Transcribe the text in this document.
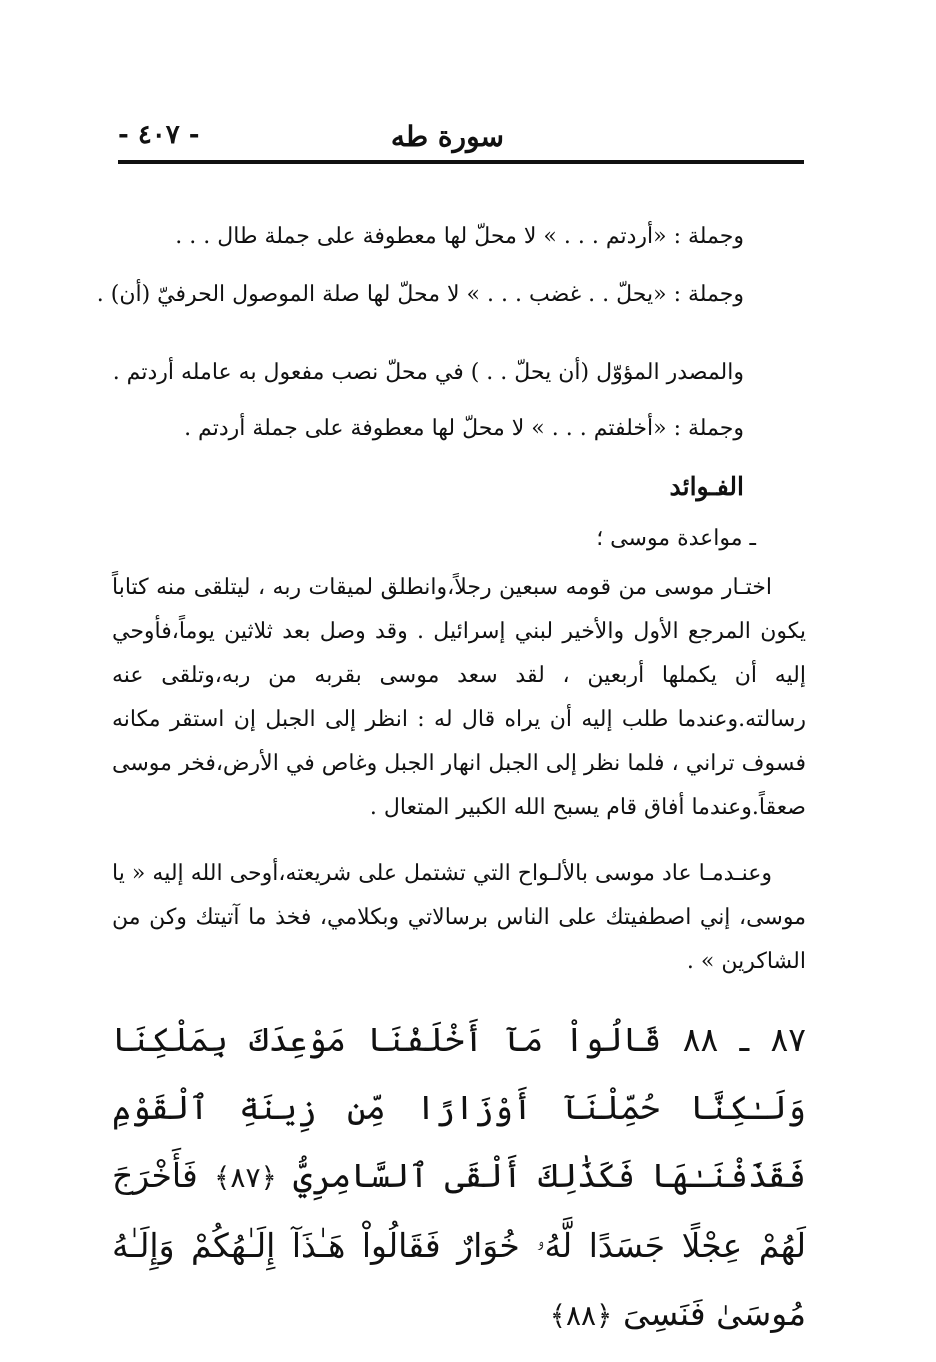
سورة طه
- ٤٠٧ -
وجملة : «أردتم . . . » لا محلّ لها معطوفة على جملة طال . . .
وجملة : «يحلّ . . غضب . . . » لا محلّ لها صلة الموصول الحرفيّ (أن) .
والمصدر المؤوّل (أن يحلّ . . ) في محلّ نصب مفعول به عامله أردتم .
وجملة : «أخلفتم . . . » لا محلّ لها معطوفة على جملة أردتم .
الفـوائد
ـ مواعدة موسى ؛
اختـار موسى من قومه سبعين رجلاً،وانطلق لميقات ربه ، ليتلقى منه كتاباً يكون المرجع الأول والأخير لبني إسرائيل . وقد وصل بعد ثلاثين يوماً،فأوحي إليه أن يكملها أربعين ، لقد سعد موسى بقربه من ربه،وتلقى عنه رسالته.وعندما طلب إليه أن يراه قال له : انظر إلى الجبل إن استقر مكانه فسوف تراني ، فلما نظر إلى الجبل انهار الجبل وغاص في الأرض،فخر موسى صعقاً.وعندما أفاق قام يسبح الله الكبير المتعال .
وعنـدمـا عاد موسى بالألـواح التي تشتمل على شريعته،أوحى الله إليه « يا موسى، إني اصطفيتك على الناس برسالاتي وبكلامي، فخذ ما آتيتك وكن من الشاكرين » .
٨٧ ـ ٨٨ قَالُواْ مَآ أَخْلَفْنَا مَوْعِدَكَ بِمَلْكِنَا وَلَـٰكِنَّا حُمِّلْنَآ أَوْزَارًا مِّن زِينَةِ ٱلْقَوْمِ فَقَذَفْنَـٰهَا فَكَذَٰلِكَ أَلْقَى ٱلسَّامِرِيُّ ﴿٨٧﴾ فَأَخْرَجَ لَهُمْ عِجْلًا جَسَدًا لَّهُۥ خُوَارٌ فَقَالُواْ هَـٰذَآ إِلَـٰهُكُمْ وَإِلَـٰهُ مُوسَىٰ فَنَسِىَ ﴿٨٨﴾
